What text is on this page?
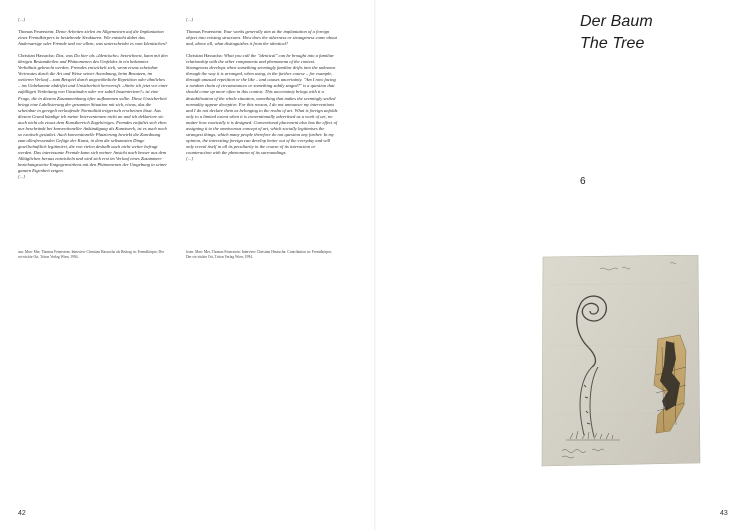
[...]

Thomas Feuerstein: Deine Arbeiten zielen im Allgemeinen auf die Implantation eines Fremdkörpers in bestehende Strukturen. Wie entsteht dabei das Andersartige oder Fremde und vor allem, was unterscheidet es vom Identischen?

Christian Hassucha: Das, was Du hier als »Identische« bezeichnest, kann mit den übrigen Bestandteilen und Phänomenen des Umfeldes in ein bekanntes Verhältnis gebracht werden. Fremdes entwickelt sich, wenn etwas scheinbar Vertrautes durch die Art und Weise seiner Anordnung, beim Benutzen, im weiteren Verlauf – zum Beispiel durch ungewöhnliche Repetition oder ähnliches – ins Unbekannte abdriftet und Unsicherheit hervorruft. »Stehe ich jetzt vor einer zufälligen Verkettung von Umständen oder vor subtil Inszeniertem?« ist eine Frage, die in diesem Zusammenhang öfter aufkommen sollte. Diese Unsicherheit bringt eine Labilisierung der gesamten Situation mit sich, etwas, das die scheinbar in geregelt verlaufende Normalität trügerisch erscheinen lässt. Aus diesem Grund kündige ich meine Interventionen nicht an und ich deklariere sie auch nicht als etwas dem Kunstbereich Zugehöriges. Fremdes entfaltet sich eben nur beschränkt bei konventioneller Ankündigung als Kunstwerk, ist es auch noch so exotisch gestaltet. Auch konventionelle Platzierung bewirkt die Zuordnung zum allesfressenden Gefüge der Kunst, in dem die seltsamsten Dinge gesellschaftlich legitimiert, die von vielen deshalb auch nicht weiter befragt werden. Das interessante Fremde kann sich meiner Ansicht nach besser aus dem Alltäglichen heraus entwickeln und wird sich erst im Verlauf eines Zusammen- beziehungsweise Entgegenwirkens mit den Phänomenen der Umgebung in seiner ganzen Eigenheit zeigen.
[...]

[...]

Thomas Feuerstein: Your works generally aim at the implantation of a foreign object into existing structures. How does the otherness or strangeness come about and, above all, what distinguishes it from the identical?

Christian Hassucha: What you call the "identical" can be brought into a familiar relationship with the other components and phenomena of the context. Strangeness develops when something seemingly familiar drifts into the unknown through the way it is arranged, when using, in the further course – for example, through unusual repetition or the like – and causes uncertainty. "Am I now facing a random chain of circumstances or something subtly staged?" is a question that should come up more often in this context. This uncertainty brings with it a destabilisation of the whole situation, something that makes the seemingly settled normality appear deceptive. For this reason, I do not announce my interventions and I do not declare them as belonging to the realm of art. What is foreign unfolds only to a limited extent when it is conventionally advertised as a work of art, no matter how exotically it is designed. Conventional placement also has the effect of assigning it to the omnivorous concept of art, which socially legitimises the strangest things, which many people therefore do not question any further. In my opinion, the interesting foreign can develop better out of the everyday and will only reveal itself in all its peculiarity in the course of its interaction or counteraction with the phenomena of its surroundings.
[...]

aus: Marc Mer, Thomas Feuerstein: Interview Christian Hassucha als Beitrag in: Fremdkörper, Der rot-rückte Ort, Triton Verlag Wien, 1994.
from: Marc Mer, Thomas Feuerstein: Interview Christian Hassucha: Contribution in: Fremdkörper, Der rot-rückte Ort, Triton Verlag Wien, 1994.
42
Der Baum
The Tree
6
43
